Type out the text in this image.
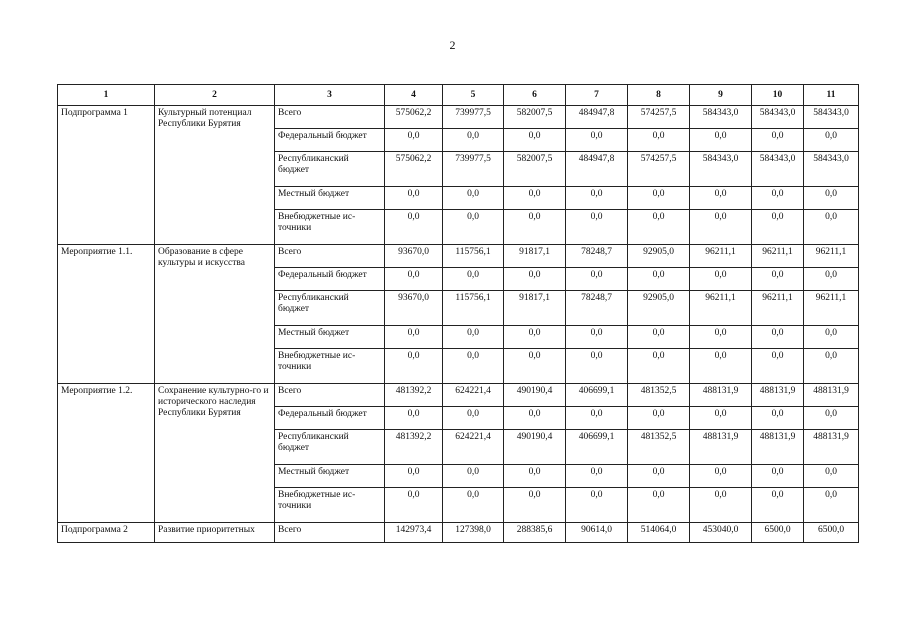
2
1	2	3	4	5	6	7	8	9	10	11
Подпрограмма 1	Культурный потенциал Республики Бурятия	Всего	575062,2	739977,5	582007,5	484947,8	574257,5	584343,0	584343,0	584343,0
		Федеральный бюджет	0,0	0,0	0,0	0,0	0,0	0,0	0,0	0,0
		Республиканский бюджет	575062,2	739977,5	582007,5	484947,8	574257,5	584343,0	584343,0	584343,0
		Местный бюджет	0,0	0,0	0,0	0,0	0,0	0,0	0,0	0,0
		Внебюджетные ис-точники	0,0	0,0	0,0	0,0	0,0	0,0	0,0	0,0
Мероприятие 1.1.	Образование в сфере культуры и искусства	Всего	93670,0	115756,1	91817,1	78248,7	92905,0	96211,1	96211,1	96211,1
		Федеральный бюджет	0,0	0,0	0,0	0,0	0,0	0,0	0,0	0,0
		Республиканский бюджет	93670,0	115756,1	91817,1	78248,7	92905,0	96211,1	96211,1	96211,1
		Местный бюджет	0,0	0,0	0,0	0,0	0,0	0,0	0,0	0,0
		Внебюджетные ис-точники	0,0	0,0	0,0	0,0	0,0	0,0	0,0	0,0
Мероприятие 1.2.	Сохранение культурно-го и исторического наследия Республики Бурятия	Всего	481392,2	624221,4	490190,4	406699,1	481352,5	488131,9	488131,9	488131,9
		Федеральный бюджет	0,0	0,0	0,0	0,0	0,0	0,0	0,0	0,0
		Республиканский бюджет	481392,2	624221,4	490190,4	406699,1	481352,5	488131,9	488131,9	488131,9
		Местный бюджет	0,0	0,0	0,0	0,0	0,0	0,0	0,0	0,0
		Внебюджетные ис-точники	0,0	0,0	0,0	0,0	0,0	0,0	0,0	0,0
Подпрограмма 2	Развитие приоритетных	Всего	142973,4	127398,0	288385,6	90614,0	514064,0	453040,0	6500,0	6500,0
